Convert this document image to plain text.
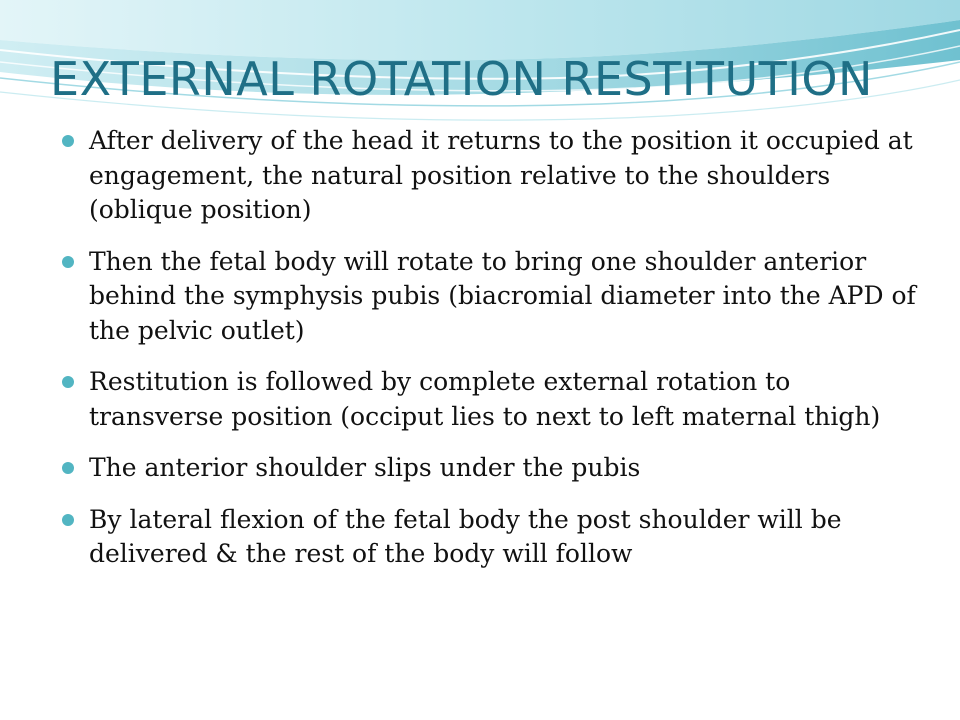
EXTERNAL ROTATION RESTITUTION
After delivery of the head it returns to the position it occupied at engagement, the natural position relative to the shoulders (oblique position)
Then the fetal body will rotate to bring one shoulder anterior behind the symphysis pubis (biacromial diameter into the APD of the pelvic outlet)
Restitution is followed by complete external rotation to transverse position (occiput lies to next to left maternal thigh)
The anterior shoulder slips under the pubis
By lateral flexion of the fetal body the post shoulder will be delivered & the rest of the body will follow
